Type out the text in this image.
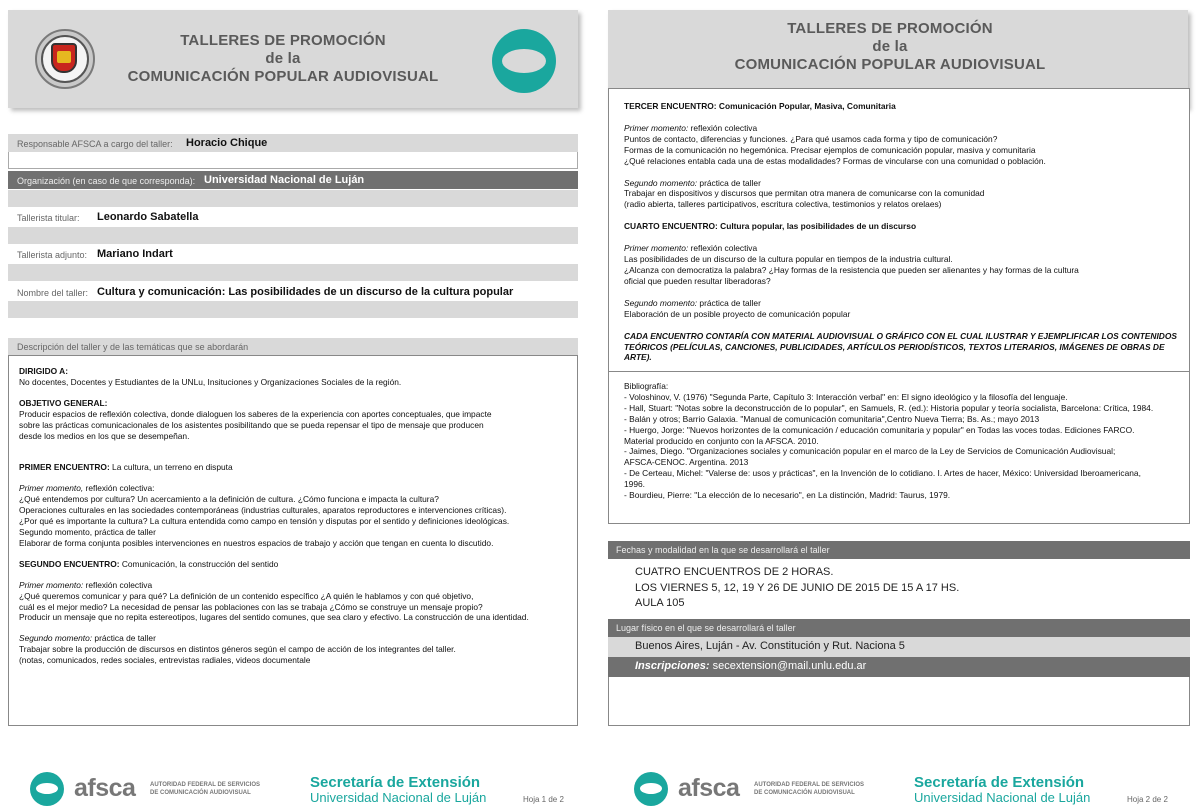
TALLERES DE PROMOCIÓN
de la
COMUNICACIÓN POPULAR AUDIOVISUAL
Responsable AFSCA a cargo del taller: Horacio Chique
Organización (en caso de que corresponda): Universidad Nacional de Luján
Tallerista titular: Leonardo Sabatella
Tallerista adjunto: Mariano Indart
Nombre del taller: Cultura y comunicación: Las posibilidades de un discurso de la cultura popular
Descripción del taller y de las temáticas que se abordarán

DIRIGIDO A:

No docentes, Docentes y Estudiantes de la UNLu, Insituciones y Organizaciones Sociales de la región.

OBJETIVO GENERAL:

Producir espacios de reflexión colectiva, donde dialoguen los saberes de la experiencia con aportes conceptuales, que impacte
sobre las prácticas comunicacionales de los asistentes posibilitando que se pueda repensar el tipo de mensaje que producen
desde los medios en los que se desempeñan.

PRIMER ENCUENTRO: La cultura, un terreno en disputa

Primer momento, reflexión colectiva:

¿Qué entendemos por cultura? Un acercamiento a la definición de cultura. ¿Cómo funciona e impacta la cultura?
Operaciones culturales en las sociedades contemporáneas (industrias culturales, aparatos reproductores e intervenciones críticas).
¿Por qué es importante la cultura? La cultura entendida como campo en tensión y disputas por el sentido y definiciones ideológicas.
Segundo momento, práctica de taller
Elaborar de forma conjunta posibles intervenciones en nuestros espacios de trabajo y acción que tengan en cuenta lo discutido.

SEGUNDO ENCUENTRO: Comunicación, la construcción del sentido

Primer momento: reflexión colectiva

¿Qué queremos comunicar y para qué? La definición de un contenido específico ¿A quién le hablamos y con qué objetivo,
cuál es el mejor medio? La necesidad de pensar las poblaciones con las se trabaja ¿Cómo se construye un mensaje propio?
Producir un mensaje que no repita estereotipos, lugares del sentido comunes, que sea claro y efectivo. La construcción de una identidad.

Segundo momento: práctica de taller

Trabajar sobre la producción de discursos en distintos géneros según el campo de acción de los integrantes del taller.
(notas, comunicados, redes sociales, entrevistas radiales, videos documentale

afsca AUTORIDAD FEDERAL DE SERVICIOS
DE COMUNICACIÓN AUDIOVISUAL
Secretaría de Extensión
Universidad Nacional de Luján	Hoja 1 de 2
TALLERES DE PROMOCIÓN
de la
COMUNICACIÓN POPULAR AUDIOVISUAL

TERCER ENCUENTRO: Comunicación Popular, Masiva, Comunitaria

Primer momento: reflexión colectiva

Puntos de contacto, diferencias y funciones. ¿Para qué usamos cada forma y tipo de comunicación?
Formas de la comunicación no hegemónica. Precisar ejemplos de comunicación popular, masiva y comunitaria
¿Qué relaciones entabla cada una de estas modalidades? Formas de vincularse con una comunidad o población.

Segundo momento: práctica de taller

Trabajar en dispositivos y discursos que permitan otra manera de comunicarse con la comunidad
(radio abierta, talleres participativos, escritura colectiva, testimonios y relatos orelaes)

CUARTO ENCUENTRO: Cultura popular, las posibilidades de un discurso

Primer momento: reflexión colectiva

Las posibilidades de un discurso de la cultura popular en tiempos de la industria cultural.
¿Alcanza con democratiza la palabra? ¿Hay formas de la resistencia que pueden ser alienantes y hay formas de la cultura
oficial que pueden resultar liberadoras?

Segundo momento: práctica de taller

Elaboración de un posible proyecto de comunicación popular

CADA ENCUENTRO CONTARÍA CON MATERIAL AUDIOVISUAL O GRÁFICO CON EL CUAL ILUSTRAR Y EJEMPLIFICAR LOS CONTENIDOS
TEÓRICOS (PELÍCULAS, CANCIONES, PUBLICIDADES, ARTÍCULOS PERIODÍSTICOS, TEXTOS LITERARIOS, IMÁGENES DE OBRAS DE ARTE).

Bibliografía:
- Voloshinov, V. (1976) "Segunda Parte, Capítulo 3: Interacción verbal" en: El signo ideológico y la filosofía del lenguaje.
- Hall, Stuart: "Notas sobre la deconstrucción de lo popular", en Samuels, R. (ed.): Historia popular y teoría socialista, Barcelona: Crítica, 1984.
- Balán y otros; Barrio Galaxia. "Manual de comunicación comunitaria",Centro Nueva Tierra; Bs. As.; mayo 2013
- Huergo, Jorge: "Nuevos horizontes de la comunicación / educación comunitaria y popular" en Todas las voces todas. Ediciones FARCO.
Material producido en conjunto con la AFSCA. 2010.
- Jaimes, Diego. "Organizaciones sociales y comunicación popular en el marco de la Ley de Servicios de Comunicación Audiovisual;
AFSCA-CENOC. Argentina. 2013
- De Certeau, Michel: "Valerse de: usos y prácticas", en la Invención de lo cotidiano. I. Artes de hacer, México: Universidad Iberoamericana,
1996.
- Bourdieu, Pierre: "La elección de lo necesario", en La distinción, Madrid: Taurus, 1979.
Fechas y modalidad en la que se desarrollará el taller
CUATRO ENCUENTROS DE 2 HORAS.
LOS VIERNES 5, 12, 19 Y 26 DE JUNIO DE 2015 DE 15 A 17 HS.
AULA 105
Lugar físico en el que se desarrollará el taller
Buenos Aires, Luján - Av. Constitución y Rut. Naciona 5
Inscripciones: secextension@mail.unlu.edu.ar
afsca AUTORIDAD FEDERAL DE SERVICIOS
DE COMUNICACIÓN AUDIOVISUAL
Secretaría de Extensión
Universidad Nacional de Luján	Hoja 2 de 2
